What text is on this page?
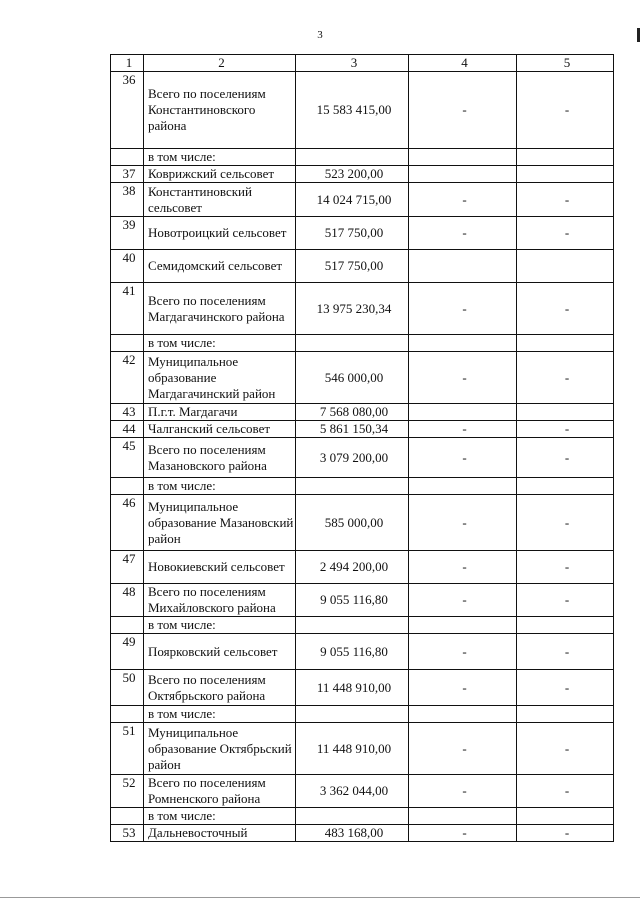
3
1	2	3	4	5
36	Всего по поселениям Константиновского района	15 583 415,00	-	-
	в том числе:			
37	Коврижский сельсовет	523 200,00		
38	Константиновский сельсовет	14 024 715,00	-	-
39	Новотроицкий сельсовет	517 750,00	-	-
40	Семидомский сельсовет	517 750,00		
41	Всего по поселениям Магдагачинского района	13 975 230,34	-	-
	в том числе:			
42	Муниципальное образование Магдагачинский район	546 000,00	-	-
43	П.г.т. Магдагачи	7 568 080,00		
44	Чалганский сельсовет	5 861 150,34	-	-
45	Всего по поселениям Мазановского района	3 079 200,00	-	-
	в том числе:			
46	Муниципальное образование Мазановский район	585 000,00	-	-
47	Новокиевский сельсовет	2 494 200,00	-	-
48	Всего по поселениям Михайловского района	9 055 116,80	-	-
	в том числе:			
49	Поярковский сельсовет	9 055 116,80	-	-
50	Всего по поселениям Октябрьского района	11 448 910,00	-	-
	в том числе:			
51	Муниципальное образование Октябрьский район	11 448 910,00	-	-
52	Всего по поселениям Ромненского района	3 362 044,00	-	-
	в том числе:			
53	Дальневосточный	483 168,00	-	-
